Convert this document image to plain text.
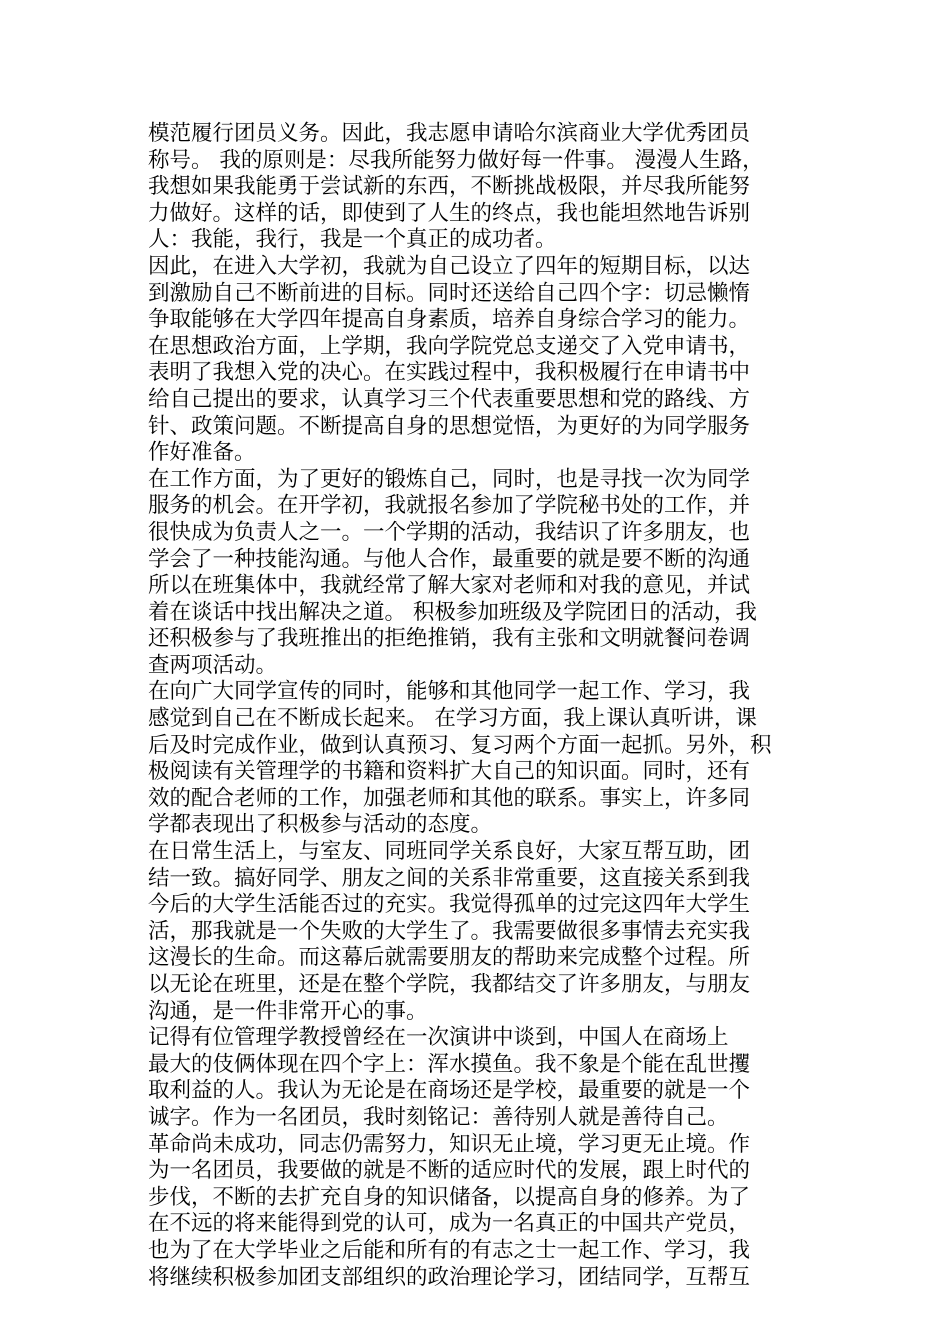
模范履行团员义务。因此，我志愿申请哈尔滨商业大学优秀团员
称号。 我的原则是：尽我所能努力做好每一件事。 漫漫人生路，
我想如果我能勇于尝试新的东西，不断挑战极限，并尽我所能努
力做好。这样的话，即使到了人生的终点，我也能坦然地告诉别
人：我能，我行，我是一个真正的成功者。
因此，在进入大学初，我就为自己设立了四年的短期目标，以达
到激励自己不断前进的目标。同时还送给自己四个字：切忌懒惰
争取能够在大学四年提高自身素质，培养自身综合学习的能力。
在思想政治方面，上学期，我向学院党总支递交了入党申请书，
表明了我想入党的决心。在实践过程中，我积极履行在申请书中
给自己提出的要求，认真学习三个代表重要思想和党的路线、方
针、政策问题。不断提高自身的思想觉悟，为更好的为同学服务
作好准备。
在工作方面，为了更好的锻炼自己，同时，也是寻找一次为同学
服务的机会。在开学初，我就报名参加了学院秘书处的工作，并
很快成为负责人之一。一个学期的活动，我结识了许多朋友，也
学会了一种技能沟通。与他人合作，最重要的就是要不断的沟通
所以在班集体中，我就经常了解大家对老师和对我的意见，并试
着在谈话中找出解决之道。 积极参加班级及学院团日的活动，我
还积极参与了我班推出的拒绝推销，我有主张和文明就餐问卷调
查两项活动。
在向广大同学宣传的同时，能够和其他同学一起工作、学习，我
感觉到自己在不断成长起来。 在学习方面，我上课认真听讲，课
后及时完成作业，做到认真预习、复习两个方面一起抓。另外，积
极阅读有关管理学的书籍和资料扩大自己的知识面。同时，还有
效的配合老师的工作，加强老师和其他的联系。事实上，许多同
学都表现出了积极参与活动的态度。
在日常生活上，与室友、同班同学关系良好，大家互帮互助，团
结一致。搞好同学、朋友之间的关系非常重要，这直接关系到我
今后的大学生活能否过的充实。我觉得孤单的过完这四年大学生
活，那我就是一个失败的大学生了。我需要做很多事情去充实我
这漫长的生命。而这幕后就需要朋友的帮助来完成整个过程。所
以无论在班里，还是在整个学院，我都结交了许多朋友，与朋友
沟通，是一件非常开心的事。
记得有位管理学教授曾经在一次演讲中谈到，中国人在商场上
最大的伎俩体现在四个字上：浑水摸鱼。我不象是个能在乱世攫
取利益的人。我认为无论是在商场还是学校，最重要的就是一个
诚字。作为一名团员，我时刻铭记：善待别人就是善待自己。
革命尚未成功，同志仍需努力，知识无止境，学习更无止境。作
为一名团员，我要做的就是不断的适应时代的发展，跟上时代的
步伐，不断的去扩充自身的知识储备，以提高自身的修养。为了
在不远的将来能得到党的认可，成为一名真正的中国共产党员，
也为了在大学毕业之后能和所有的有志之士一起工作、学习，我
将继续积极参加团支部组织的政治理论学习，团结同学，互帮互
